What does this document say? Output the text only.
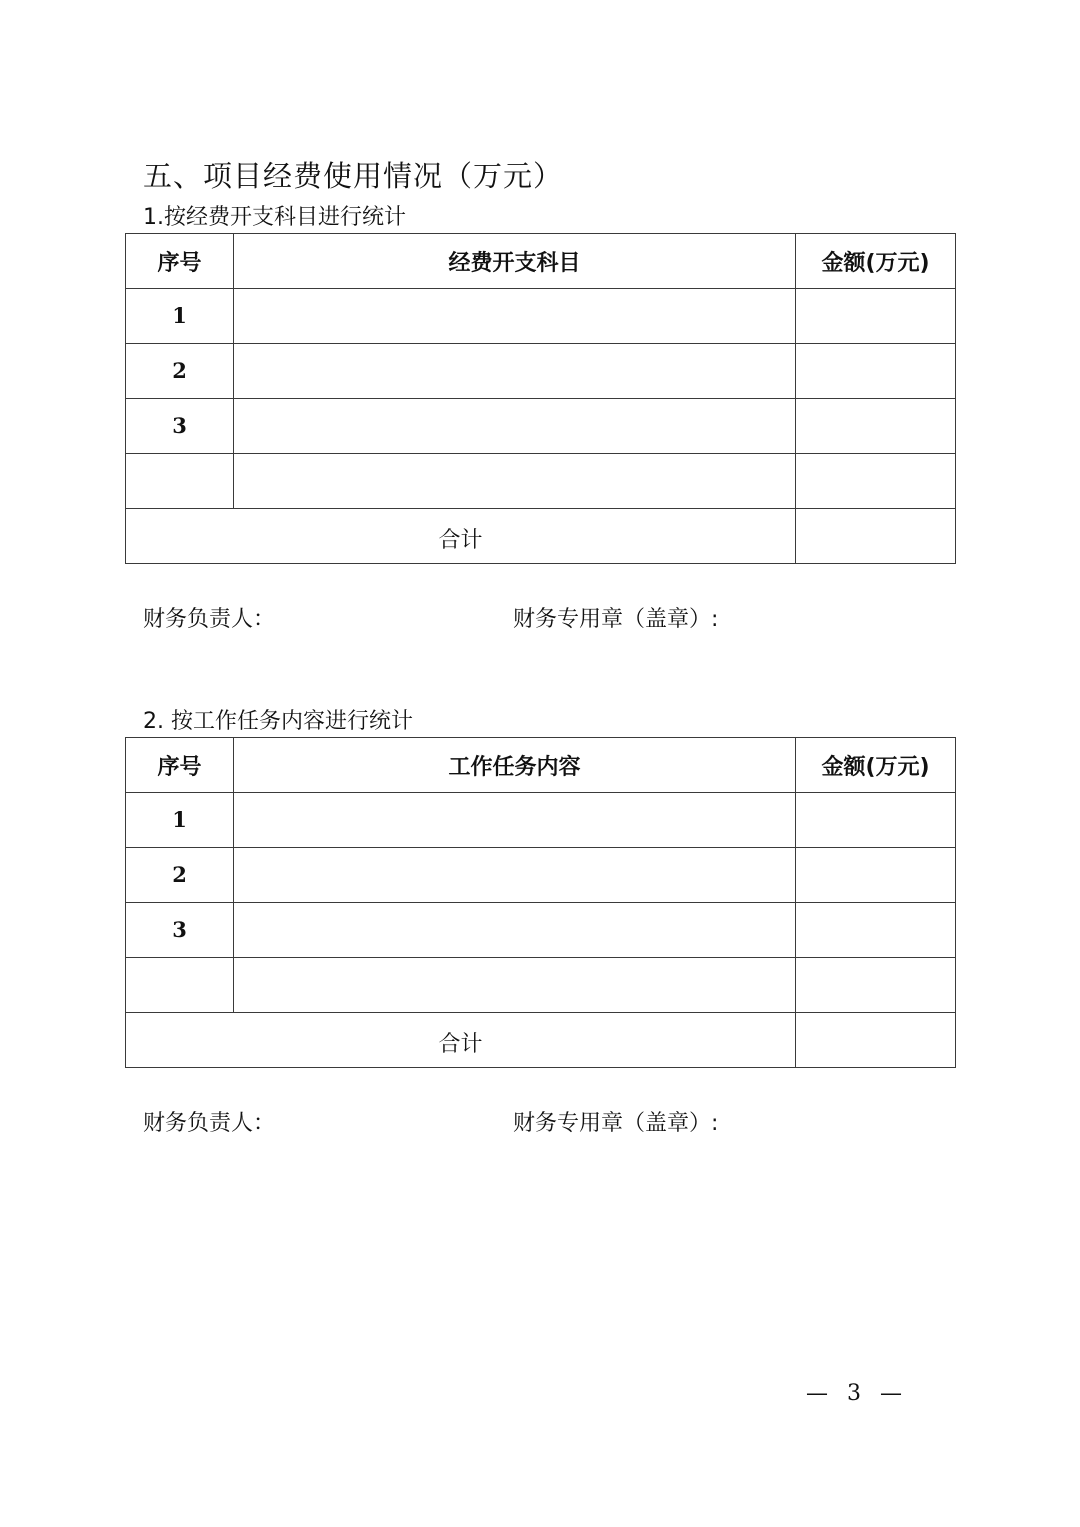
五、项目经费使用情况（万元）
1.按经费开支科目进行统计
序号	经费开支科目	金额(万元)
1		
2		
3		

合计		
财务负责人：	财务专用章（盖章）:
2. 按工作任务内容进行统计
序号	工作任务内容	金额(万元)
1		
2		
3		

合计		
财务负责人：	财务专用章（盖章）:
— 3 —
